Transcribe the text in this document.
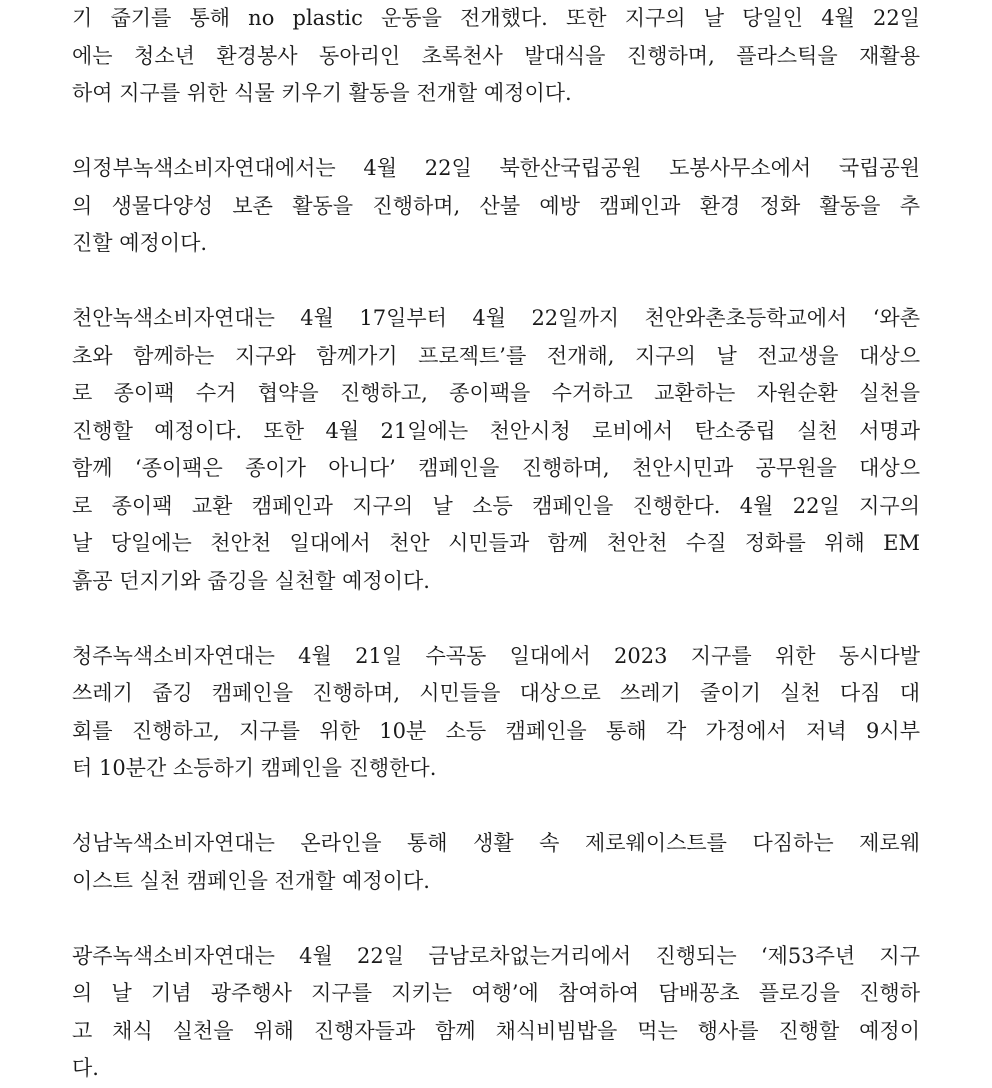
기 줍기를 통해 no plastic 운동을 전개했다. 또한 지구의 날 당일인 4월 22일
에는 청소년 환경봉사 동아리인 초록천사 발대식을 진행하며, 플라스틱을 재활용
하여 지구를 위한 식물 키우기 활동을 전개할 예정이다.
의정부녹색소비자연대에서는 4월 22일 북한산국립공원 도봉사무소에서 국립공원
의 생물다양성 보존 활동을 진행하며, 산불 예방 캠페인과 환경 정화 활동을 추
진할 예정이다.
천안녹색소비자연대는 4월 17일부터 4월 22일까지 천안와촌초등학교에서 ‘와촌
초와 함께하는 지구와 함께가기 프로젝트’를 전개해, 지구의 날 전교생을 대상으
로 종이팩 수거 협약을 진행하고, 종이팩을 수거하고 교환하는 자원순환 실천을
진행할 예정이다. 또한 4월 21일에는 천안시청 로비에서 탄소중립 실천 서명과
함께 ‘종이팩은 종이가 아니다’ 캠페인을 진행하며, 천안시민과 공무원을 대상으
로 종이팩 교환 캠페인과 지구의 날 소등 캠페인을 진행한다. 4월 22일 지구의
날 당일에는 천안천 일대에서 천안 시민들과 함께 천안천 수질 정화를 위해 EM
흙공 던지기와 줍깅을 실천할 예정이다.
청주녹색소비자연대는 4월 21일 수곡동 일대에서 2023 지구를 위한 동시다발
쓰레기 줍깅 캠페인을 진행하며, 시민들을 대상으로 쓰레기 줄이기 실천 다짐 대
회를 진행하고, 지구를 위한 10분 소등 캠페인을 통해 각 가정에서 저녁 9시부
터 10분간 소등하기 캠페인을 진행한다.
성남녹색소비자연대는 온라인을 통해 생활 속 제로웨이스트를 다짐하는 제로웨
이스트 실천 캠페인을 전개할 예정이다.
광주녹색소비자연대는 4월 22일 금남로차없는거리에서 진행되는 ‘제53주년 지구
의 날 기념 광주행사 지구를 지키는 여행’에 참여하여 담배꽁초 플로깅을 진행하
고 채식 실천을 위해 진행자들과 함께 채식비빔밥을 먹는 행사를 진행할 예정이
다.
